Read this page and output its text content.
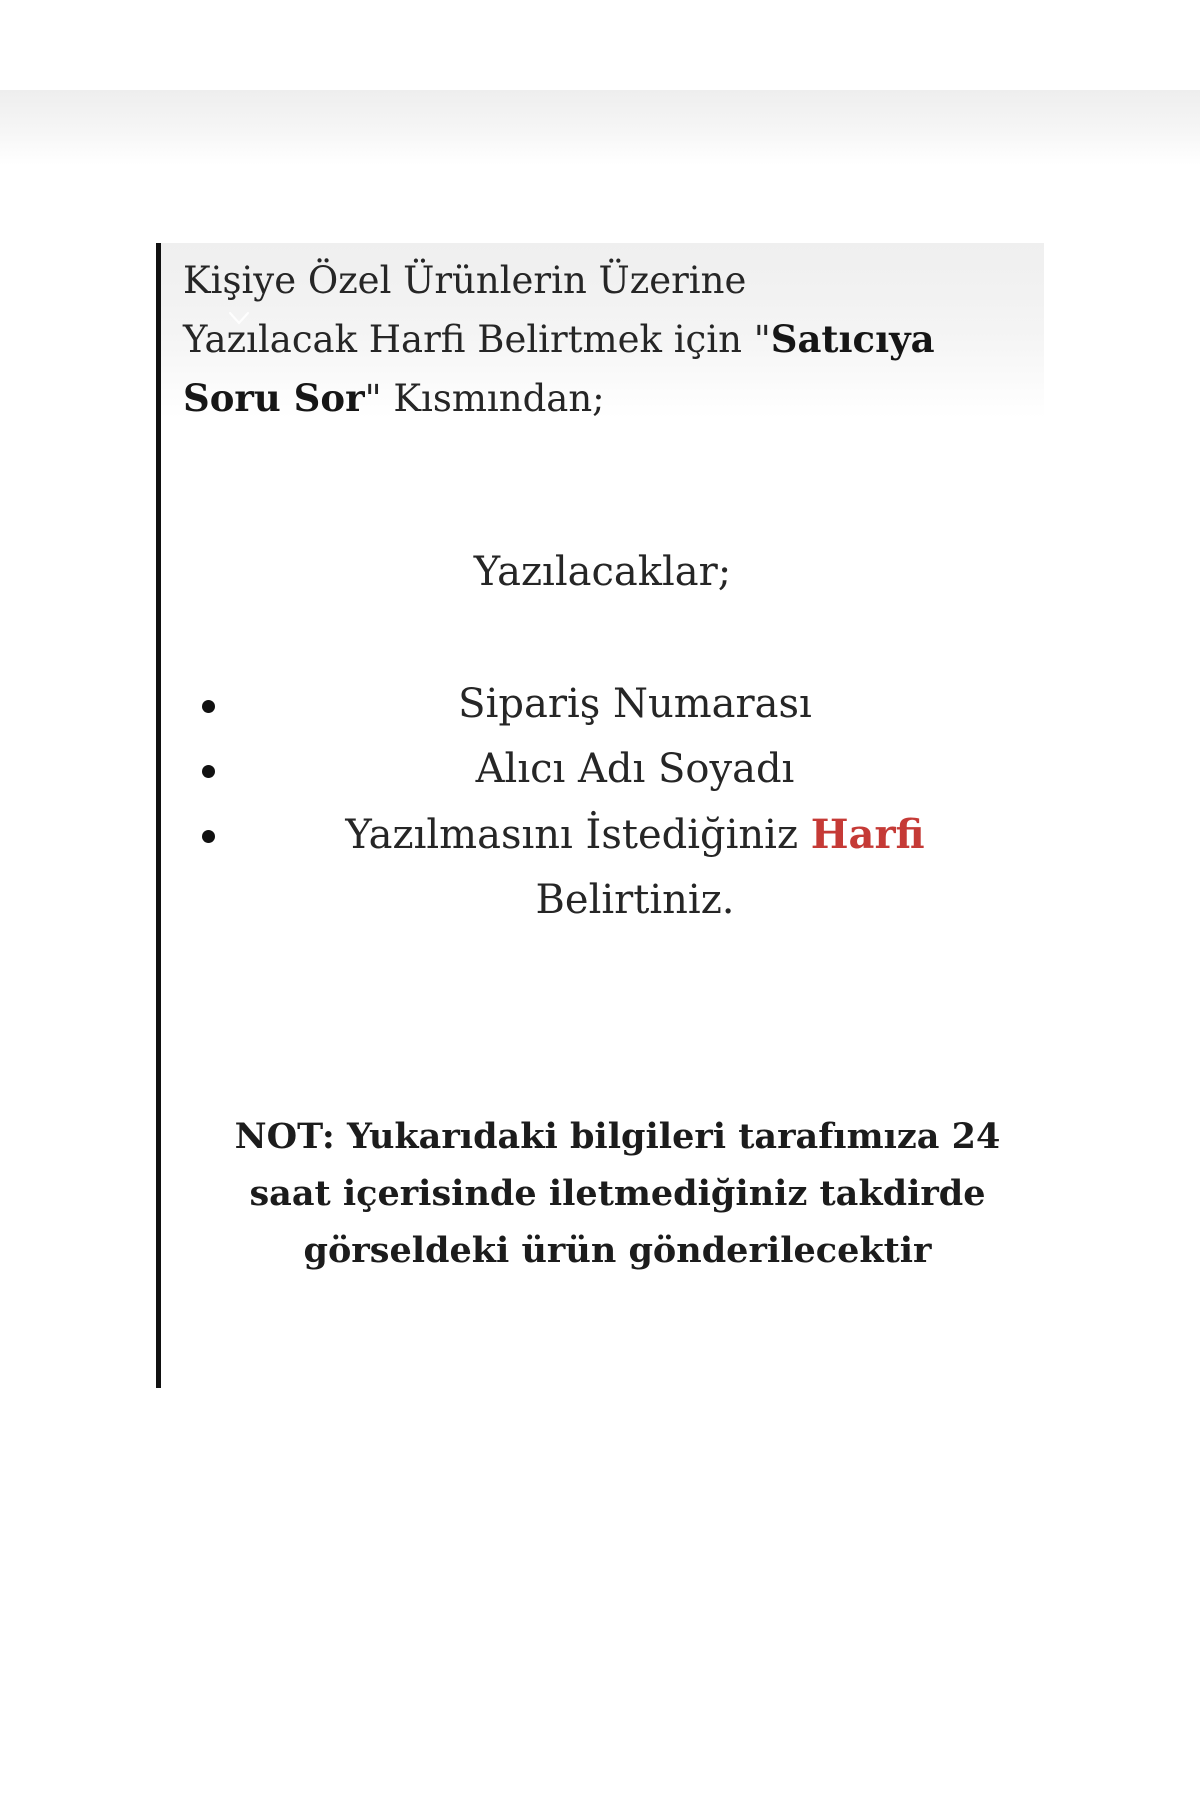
Kişiye Özel Ürünlerin Üzerine
Yazılacak Harfi Belirtmek için "Satıcıya
Soru Sor" Kısmından;
Yazılacaklar;
Sipariş Numarası
Alıcı Adı Soyadı
Yazılmasını İstediğiniz Harfi
Belirtiniz.
NOT: Yukarıdaki bilgileri tarafımıza 24
saat içerisinde iletmediğiniz takdirde
görseldeki ürün gönderilecektir
